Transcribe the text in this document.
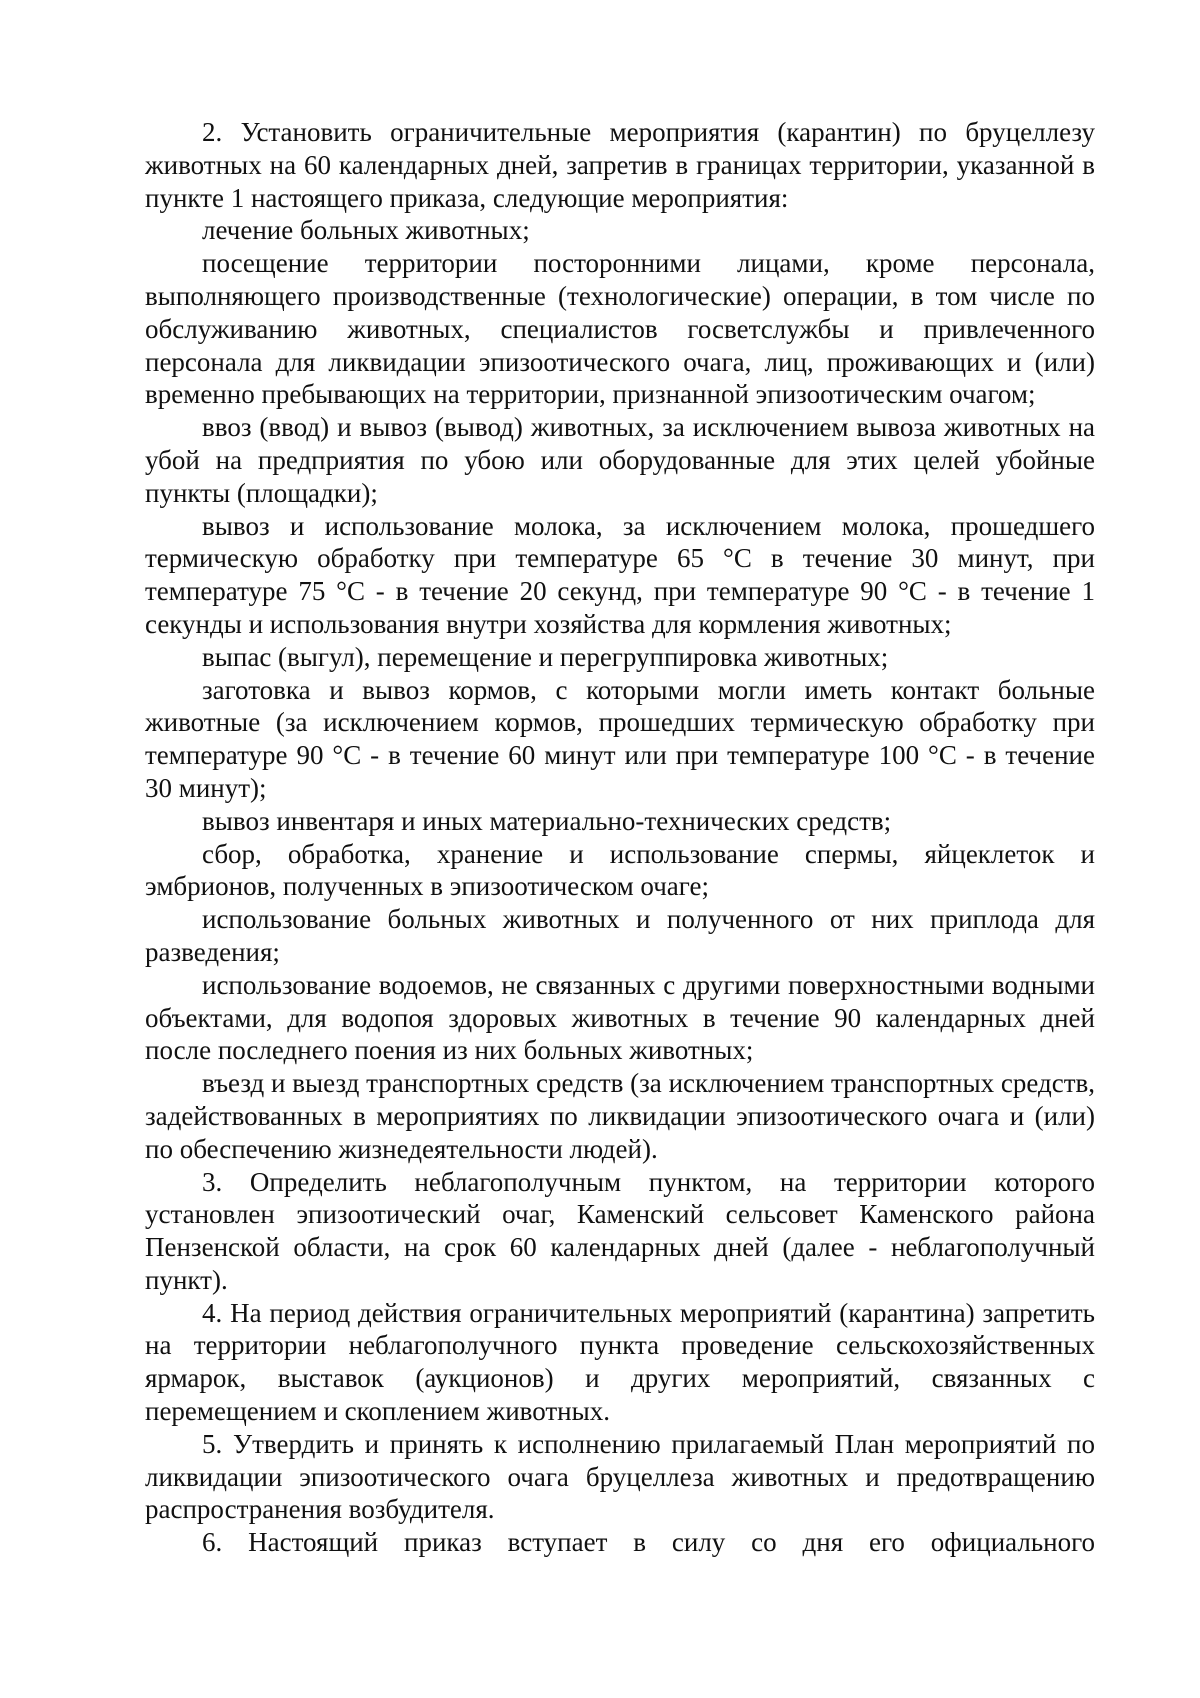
2. Установить ограничительные мероприятия (карантин) по бруцеллезу животных на 60 календарных дней, запретив в границах территории, указанной в пункте 1 настоящего приказа, следующие мероприятия:

лечение больных животных;

посещение территории посторонними лицами, кроме персонала, выполняющего производственные (технологические) операции, в том числе по обслуживанию животных, специалистов госветслужбы и привлеченного персонала для ликвидации эпизоотического очага, лиц, проживающих и (или) временно пребывающих на территории, признанной эпизоотическим очагом;

ввоз (ввод) и вывоз (вывод) животных, за исключением вывоза животных на убой на предприятия по убою или оборудованные для этих целей убойные пункты (площадки);

вывоз и использование молока, за исключением молока, прошедшего термическую обработку при температуре 65 °С в течение 30 минут, при температуре 75 °С - в течение 20 секунд, при температуре 90 °С - в течение 1 секунды и использования внутри хозяйства для кормления животных;

выпас (выгул), перемещение и перегруппировка животных;

заготовка и вывоз кормов, с которыми могли иметь контакт больные животные (за исключением кормов, прошедших термическую обработку при температуре 90 °С - в течение 60 минут или при температуре 100 °С - в течение 30 минут);

вывоз инвентаря и иных материально-технических средств;

сбор, обработка, хранение и использование спермы, яйцеклеток и эмбрионов, полученных в эпизоотическом очаге;

использование больных животных и полученного от них приплода для разведения;

использование водоемов, не связанных с другими поверхностными водными объектами, для водопоя здоровых животных в течение 90 календарных дней после последнего поения из них больных животных;

въезд и выезд транспортных средств (за исключением транспортных средств, задействованных в мероприятиях по ликвидации эпизоотического очага и (или) по обеспечению жизнедеятельности людей).

3. Определить неблагополучным пунктом, на территории которого установлен эпизоотический очаг, Каменский сельсовет Каменского района Пензенской области, на срок 60 календарных дней (далее - неблагополучный пункт).

4. На период действия ограничительных мероприятий (карантина) запретить на территории неблагополучного пункта проведение сельскохозяйственных ярмарок, выставок (аукционов) и других мероприятий, связанных с перемещением и скоплением животных.

5. Утвердить и принять к исполнению прилагаемый План мероприятий по ликвидации эпизоотического очага бруцеллеза животных и предотвращению распространения возбудителя.

6. Настоящий приказ вступает в силу со дня его официального
